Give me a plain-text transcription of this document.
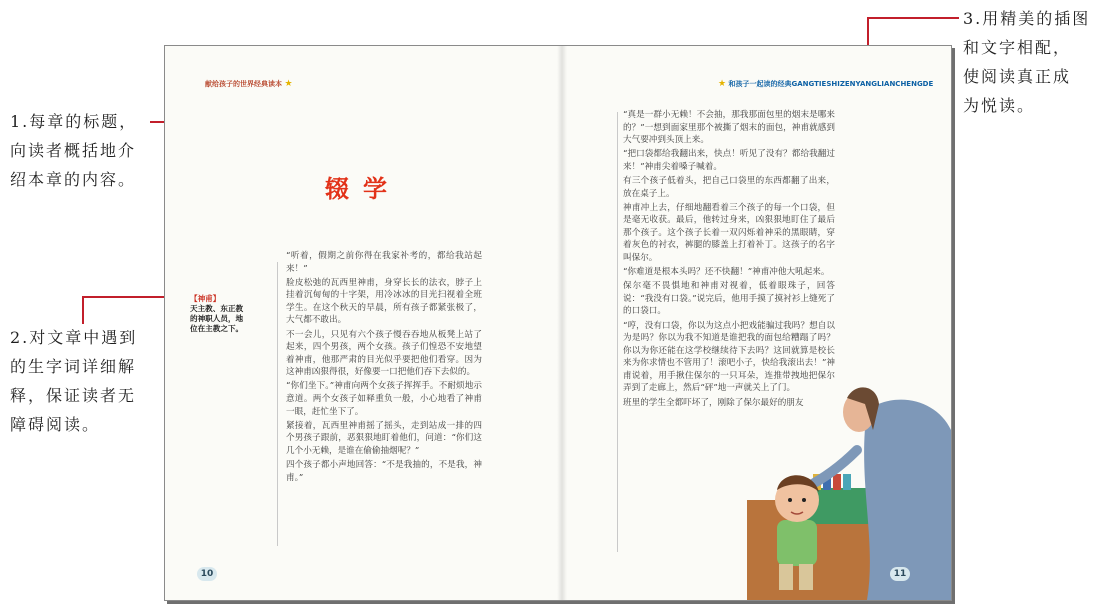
1.每章的标题，
向读者概括地介
绍本章的内容。
2.对文章中遇到
的生字词详细解
释，保证读者无
障碍阅读。
3.用精美的插图
和文字相配，
使阅读真正成
为悦读。
献给孩子的世界经典读本 ★	★ 和孩子一起读的经典GANGTIESHIZENYANGLIANCHENGDE
辍学

“听着，假期之前你得在我家补考的，都给我站起来！”

脸皮松弛的瓦西里神甫，身穿长长的法衣，脖子上挂着沉甸甸的十字架，用冷冰冰的目光扫视着全班学生。在这个秋天的早晨，所有孩子都紧张极了，大气都不敢出。

不一会儿，只见有六个孩子慢吞吞地从板凳上站了起来，四个男孩，两个女孩。孩子们惶恐不安地望着神甫，他那严肃的目光似乎要把他们看穿。因为这神甫凶狠得很，好像要一口把他们吞下去似的。

“你们坐下。”神甫向两个女孩子挥挥手。不耐烦地示意道。两个女孩子如释重负一般，小心地看了神甫一眼，赶忙坐下了。

紧接着，瓦西里神甫摇了摇头，走到站成一排的四个男孩子跟前，恶狠狠地盯着他们，问道：“你们这几个小无赖，是谁在偷偷抽烟呢？”

四个孩子都小声地回答：“不是我抽的，不是我，神甫。”

【神甫】
天主教、东正教的神职人员，地位在主教之下。

“真是一群小无赖！不会抽，那我那面包里的烟末是哪来的？”一想到面家里那个被撕了烟末的面包，神甫就感到大气要冲到头顶上来。

“把口袋都给我翻出来，快点！听见了没有？都给我翻过来！”神甫尖着嗓子喊着。

有三个孩子低着头，把自己口袋里的东西都翻了出来，放在桌子上。

神甫冲上去，仔细地翻看着三个孩子的每一个口袋，但是毫无收获。最后，他转过身来，凶狠狠地盯住了最后那个孩子。这个孩子长着一双闪烁着神采的黑眼睛，穿着灰色的衬衣，裤腿的膝盖上打着补丁。这孩子的名字叫保尔。

“你难道是根本头吗？还不快翻！”神甫冲他大吼起来。

保尔毫不畏惧地和神甫对视着，低着眼珠子，回答说：“我没有口袋。”说完后，他用手摸了摸衬衫上缝死了的口袋口。

“哼，没有口袋，你以为这点小把戏能骗过我吗？想自以为是吗？你以为我不知道是谁把我的面包给糟蹋了吗？你以为你还能在这学校继续待下去吗？这回就算是校长来为你求情也不管用了！滚吧小子，快给我滚出去！”神甫说着，用手揪住保尔的一只耳朵，连推带拽地把保尔弄到了走廊上，然后“砰”地一声就关上了门。

班里的学生全都吓坏了，刚除了保尔最好的朋友

10	11
